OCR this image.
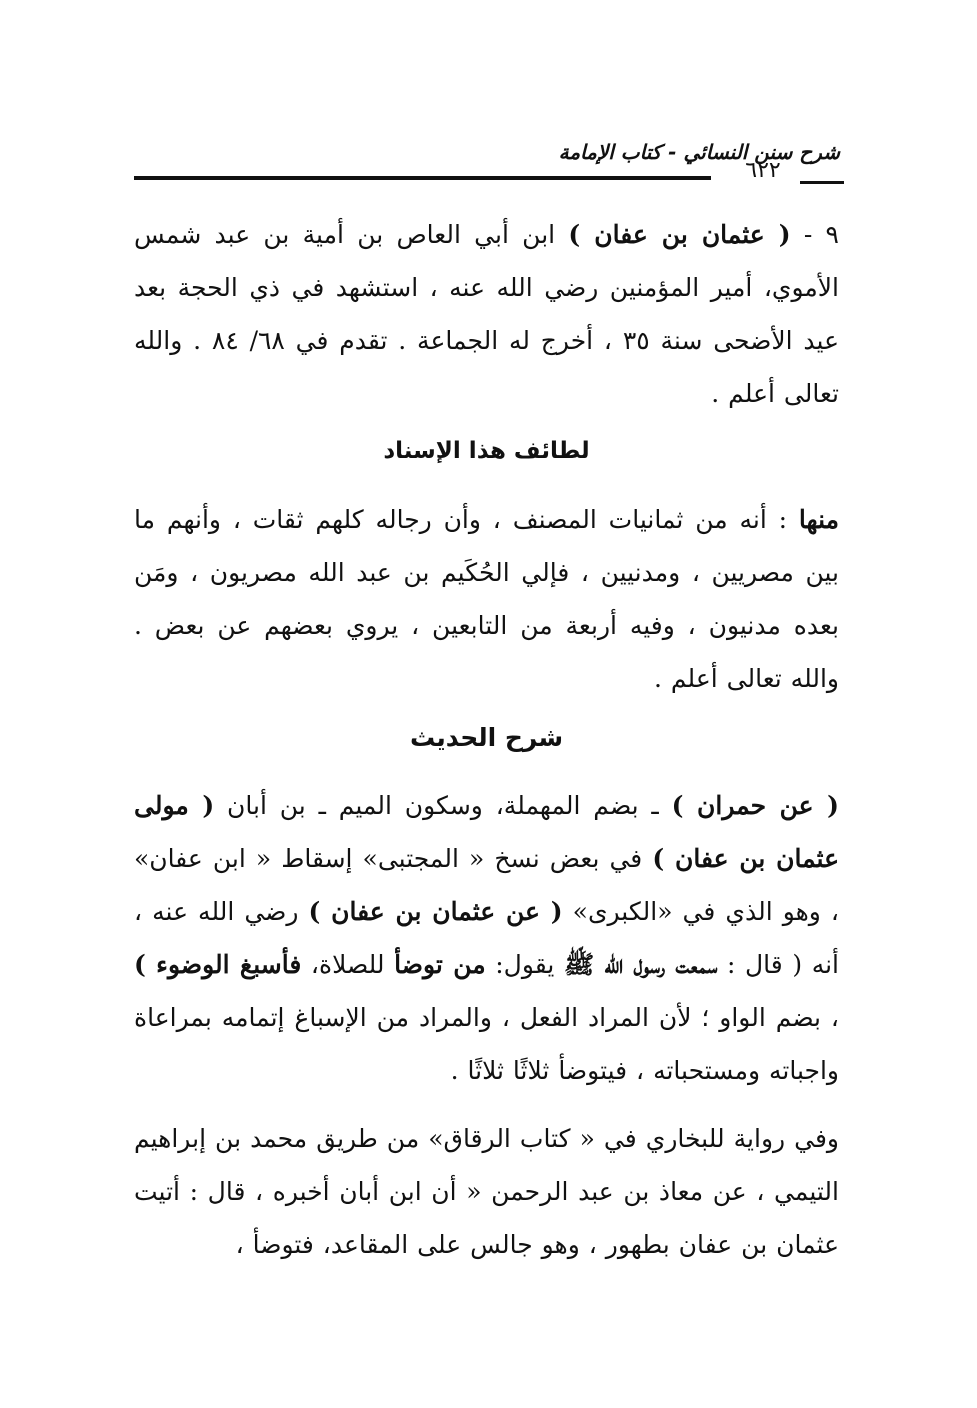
شرح سنن النسائي - كتاب الإمامة
٦٢٢

٩ - ( عثمان بن عفان ) ابن أبي العاص بن أمية بن عبد شمس الأموي، أمير المؤمنين رضي الله عنه ، استشهد في ذي الحجة بعد عيد الأضحى سنة ٣٥ ، أخرج له الجماعة . تقدم في ٦٨/ ٨٤ . والله تعالى أعلم .

لطائف هذا الإسناد

منها : أنه من ثمانيات المصنف ، وأن رجاله كلهم ثقات ، وأنهم ما بين مصريين ، ومدنيين ، فإلي الحُكَيم بن عبد الله مصريون ، ومَن بعده مدنيون ، وفيه أربعة من التابعين ، يروي بعضهم عن بعض . والله تعالى أعلم .

شرح الحديث

( عن حمران ) ـ بضم المهملة، وسكون الميم ـ بن أبان ( مولى عثمان بن عفان ) في بعض نسخ « المجتبى» إسقاط « ابن عفان» ، وهو الذي في «الكبرى» ( عن عثمان بن عفان ) رضي الله عنه ، أنه ( قال : سمعت رسول الله ﷺ يقول: من توضأ للصلاة، فأسبغ الوضوء ) ، بضم الواو ؛ لأن المراد الفعل ، والمراد من الإسباغ إتمامه بمراعاة واجباته ومستحباته ، فيتوضأ ثلاثًا ثلاثًا .

وفي رواية للبخاري في « كتاب الرقاق» من طريق محمد بن إبراهيم التيمي ، عن معاذ بن عبد الرحمن « أن ابن أبان أخبره ، قال : أتيت عثمان بن عفان بطهور ، وهو جالس على المقاعد، فتوضأ ،
